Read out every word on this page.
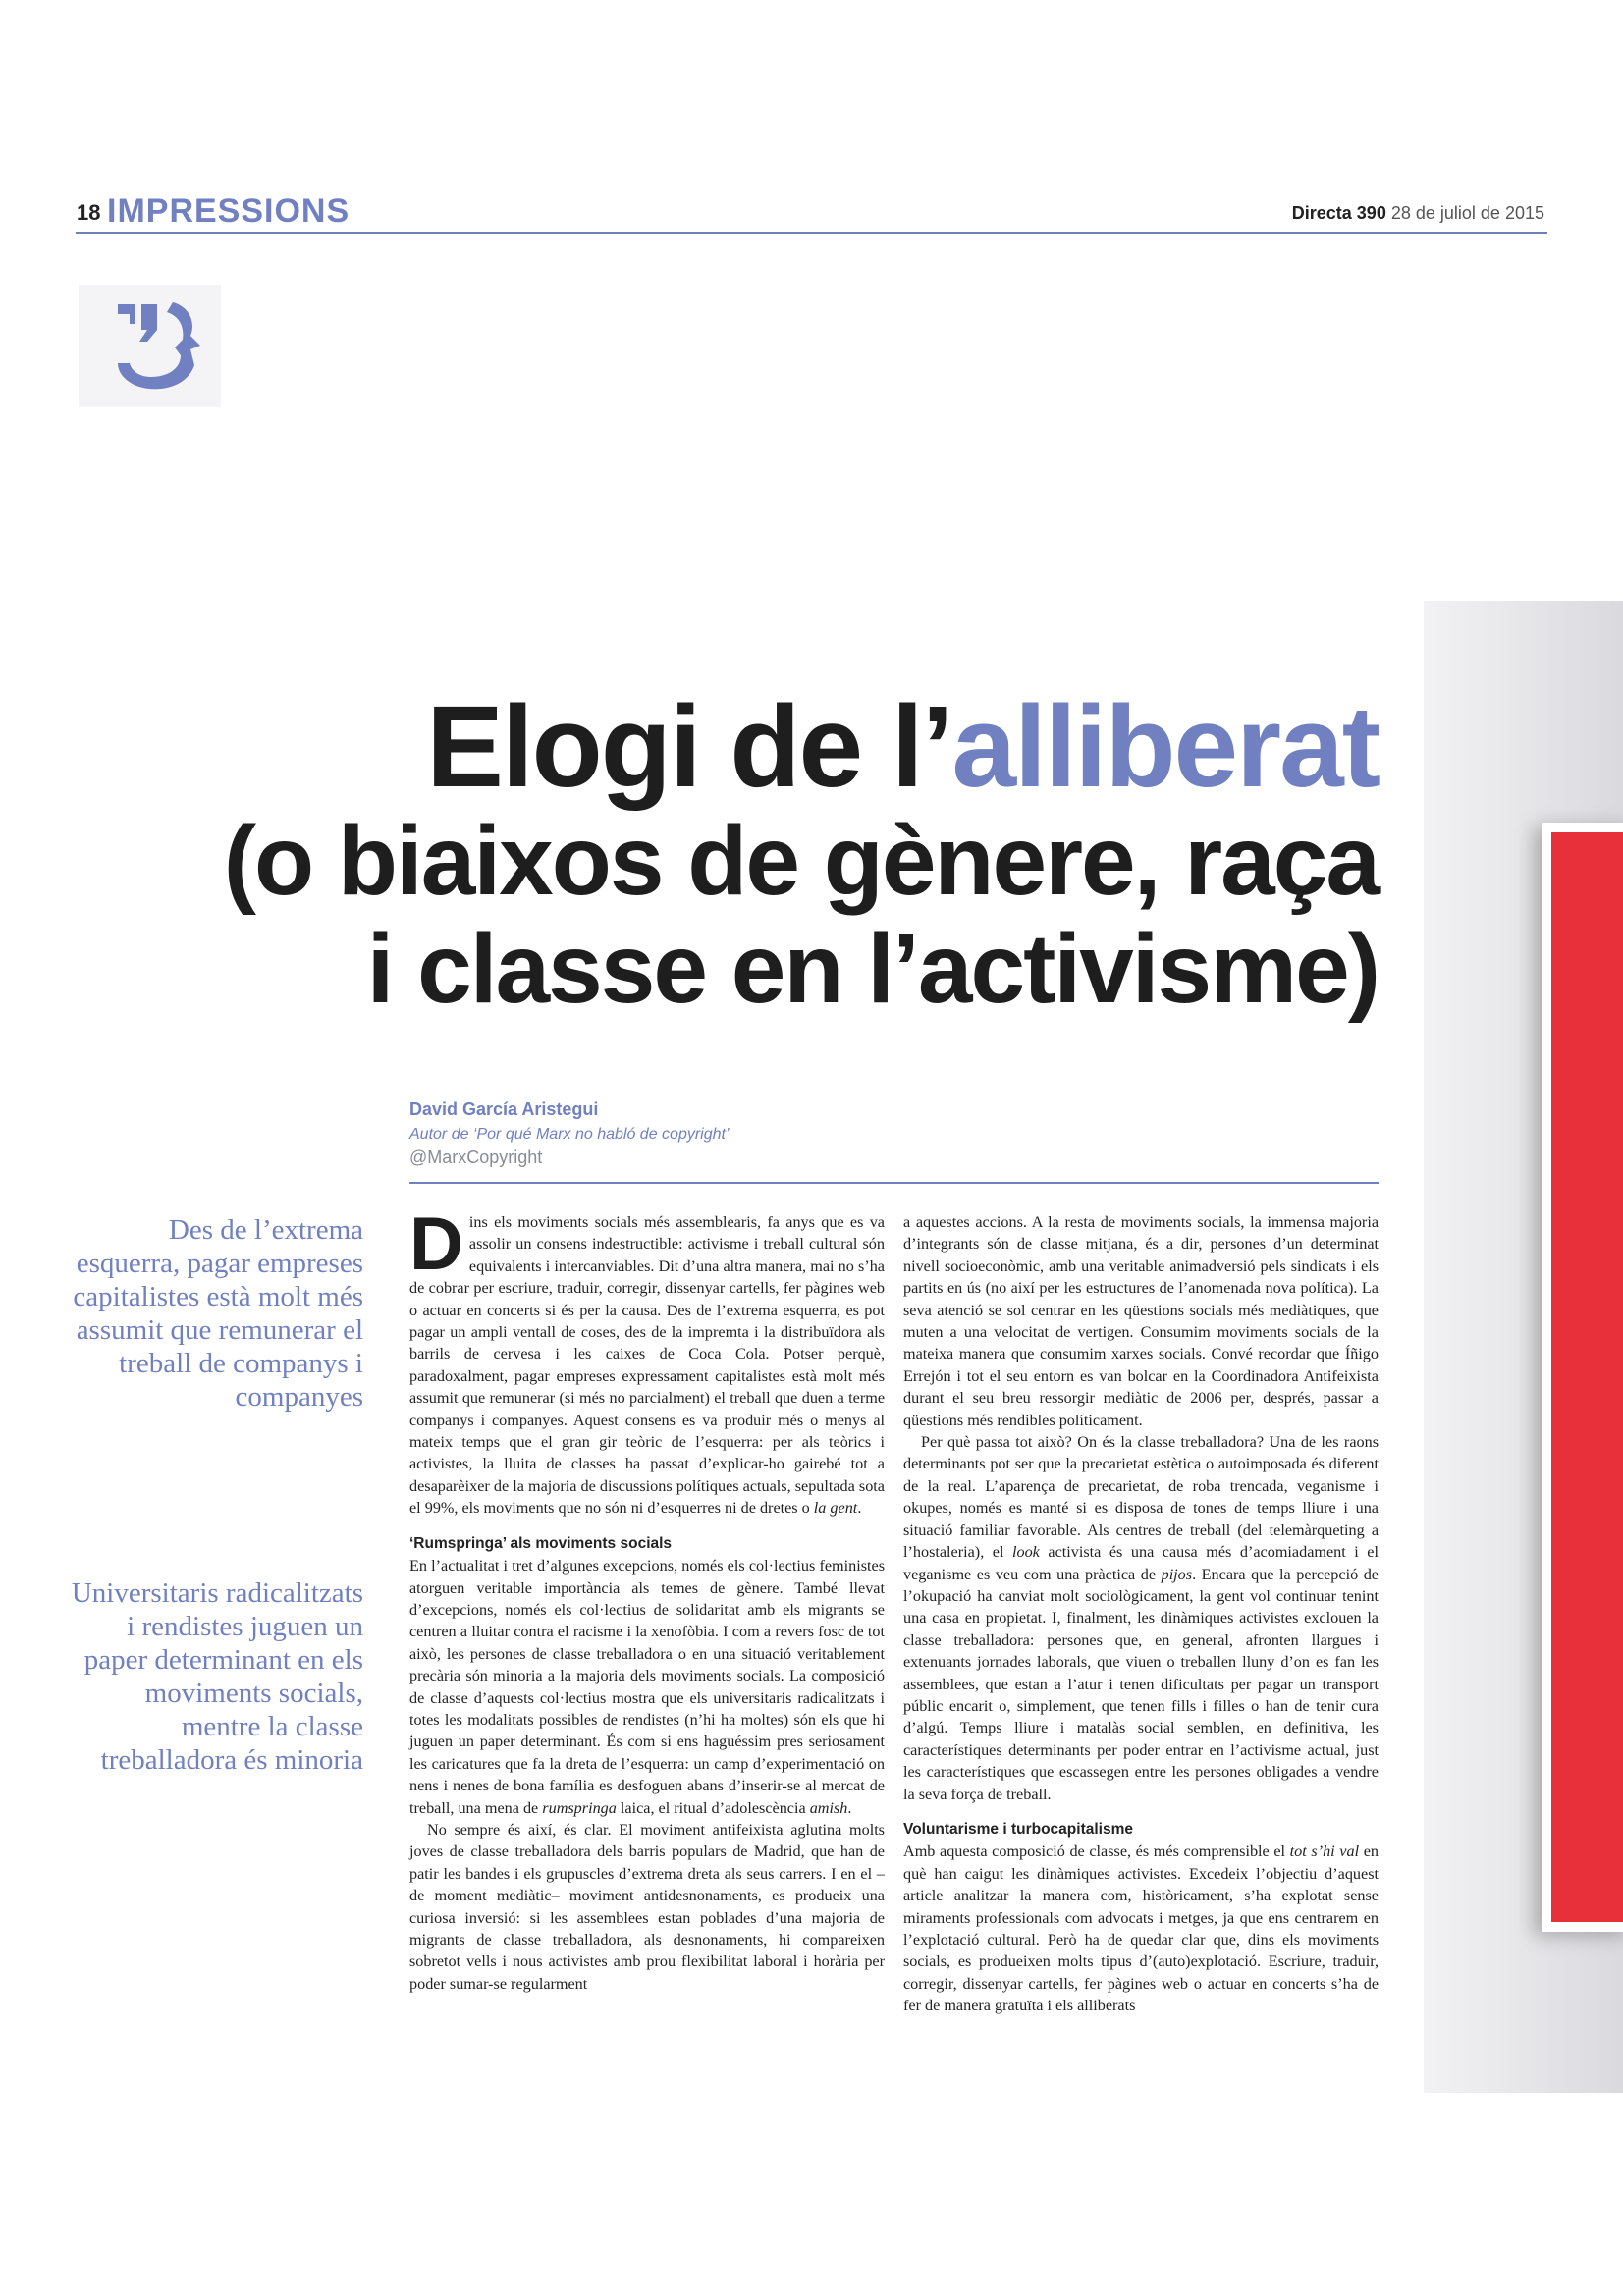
18 IMPRESSIONS	Directa 390 28 de juliol de 2015
Elogi de l’alliberat
(o biaixos de gènere, raça
i classe en l’activisme)
David García Aristegui
Autor de ‘Por qué Marx no habló de copyright’
@MarxCopyright
Des de l’extrema esquerra, pagar empreses capitalistes està molt més assumit que remunerar el treball de companys i companyes
Universitaris radicalitzats i rendistes juguen un paper determinant en els moviments socials, mentre la classe treballadora és minoria

Dins els moviments socials més assemblearis, fa anys que es va assolir un consens indestructible: activisme i treball cultural són equivalents i intercanviables. Dit d’una altra manera, mai no s’ha de cobrar per escriure, traduir, corregir, dissenyar cartells, fer pàgines web o actuar en concerts si és per la causa. Des de l’extrema esquerra, es pot pagar un ampli ventall de coses, des de la impremta i la distribuïdora als barrils de cervesa i les caixes de Coca Cola. Potser perquè, paradoxalment, pagar empreses expressament capitalistes està molt més assumit que remunerar (si més no parcialment) el treball que duen a terme companys i companyes. Aquest consens es va produir més o menys al mateix temps que el gran gir teòric de l’esquerra: per als teòrics i activistes, la lluita de classes ha passat d’explicar-ho gairebé tot a desaparèixer de la majoria de discussions polítiques actuals, sepultada sota el 99%, els moviments que no són ni d’esquerres ni de dretes o la gent.

‘Rumspringa’ als moviments socials

En l’actualitat i tret d’algunes excepcions, només els col·lectius feministes atorguen veritable importància als temes de gènere. També llevat d’excepcions, només els col·lectius de solidaritat amb els migrants se centren a lluitar contra el racisme i la xenofòbia. I com a revers fosc de tot això, les persones de classe treballadora o en una situació veritablement precària són minoria a la majoria dels moviments socials. La composició de classe d’aquests col·lectius mostra que els universitaris radicalitzats i totes les modalitats possibles de rendistes (n’hi ha moltes) són els que hi juguen un paper determinant. És com si ens haguéssim pres seriosament les caricatures que fa la dreta de l’esquerra: un camp d’experimentació on nens i nenes de bona família es desfoguen abans d’inserir-se al mercat de treball, una mena de rumspringa laica, el ritual d’adolescència amish.

No sempre és així, és clar. El moviment antifeixista aglutina molts joves de classe treballadora dels barris populars de Madrid, que han de patir les bandes i els grupuscles d’extrema dreta als seus carrers. I en el –de moment mediàtic– moviment antidesnonaments, es produeix una curiosa inversió: si les assemblees estan poblades d’una majoria de migrants de classe treballadora, als desnonaments, hi compareixen sobretot vells i nous activistes amb prou flexibilitat laboral i horària per poder sumar-se regularment

a aquestes accions. A la resta de moviments socials, la immensa majoria d’integrants són de classe mitjana, és a dir, persones d’un determinat nivell socioeconòmic, amb una veritable animadversió pels sindicats i els partits en ús (no així per les estructures de l’anomenada nova política). La seva atenció se sol centrar en les qüestions socials més mediàtiques, que muten a una velocitat de vertigen. Consumim moviments socials de la mateixa manera que consumim xarxes socials. Convé recordar que Íñigo Errejón i tot el seu entorn es van bolcar en la Coordinadora Antifeixista durant el seu breu ressorgir mediàtic de 2006 per, després, passar a qüestions més rendibles políticament.

Per què passa tot això? On és la classe treballadora? Una de les raons determinants pot ser que la precarietat estètica o autoimposada és diferent de la real. L’aparença de precarietat, de roba trencada, veganisme i okupes, només es manté si es disposa de tones de temps lliure i una situació familiar favorable. Als centres de treball (del telemàrqueting a l’hostaleria), el look activista és una causa més d’acomiadament i el veganisme es veu com una pràctica de pijos. Encara que la percepció de l’okupació ha canviat molt sociològicament, la gent vol continuar tenint una casa en propietat. I, finalment, les dinàmiques activistes exclouen la classe treballadora: persones que, en general, afronten llargues i extenuants jornades laborals, que viuen o treballen lluny d’on es fan les assemblees, que estan a l’atur i tenen dificultats per pagar un transport públic encarit o, simplement, que tenen fills i filles o han de tenir cura d’algú. Temps lliure i matalàs social semblen, en definitiva, les característiques determinants per poder entrar en l’activisme actual, just les característiques que escassegen entre les persones obligades a vendre la seva força de treball.

Voluntarisme i turbocapitalisme

Amb aquesta composició de classe, és més comprensible el tot s’hi val en què han caigut les dinàmiques activistes. Excedeix l’objectiu d’aquest article analitzar la manera com, històricament, s’ha explotat sense miraments professionals com advocats i metges, ja que ens centrarem en l’explotació cultural. Però ha de quedar clar que, dins els moviments socials, es produeixen molts tipus d’(auto)explotació. Escriure, traduir, corregir, dissenyar cartells, fer pàgines web o actuar en concerts s’ha de fer de manera gratuïta i els alliberats
